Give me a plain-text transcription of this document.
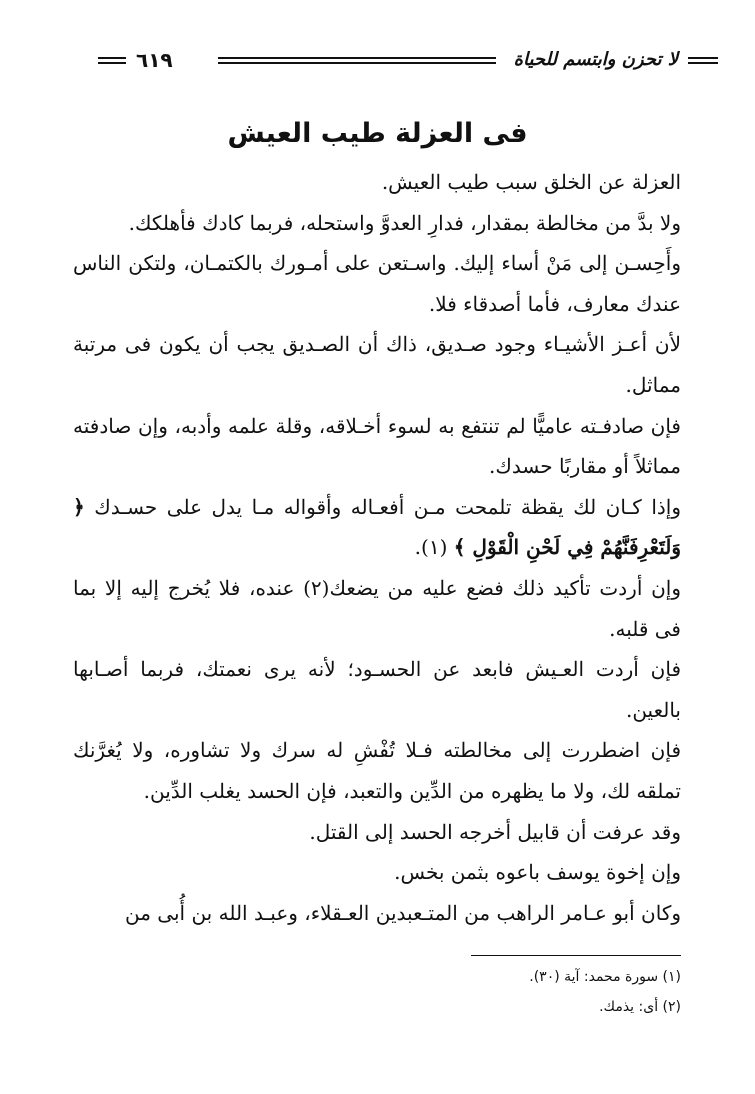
لا تحزن وابتسم للحياة
٦١٩
فى العزلة طيب العيش

العزلة عن الخلق سبب طيب العيش.

ولا بدَّ من مخالطة بمقدار، فدارِ العدوَّ واستحله، فربما كادك فأهلكك.

وأَحِسـن إلى مَنْ أساء إليك. واسـتعن على أمـورك بالكتمـان، ولتكن الناس عندك معارف، فأما أصدقاء فلا.

لأن أعـز الأشيـاء وجود صـديق، ذاك أن الصـديق يجب أن يكون فى مرتبة مماثل.

فإن صادفـته عاميًّا لم تنتفع به لسوء أخـلاقه، وقلة علمه وأدبه، وإن صادفته مماثلاً أو مقاربًا حسدك.

وإذا كـان لك يقظة تلمحت مـن أفعـاله وأقواله مـا يدل على حسـدك ﴿ وَلَتَعْرِفَنَّهُمْ فِي لَحْنِ الْقَوْلِ ﴾ (١).

وإن أردت تأكيد ذلك فضع عليه من يضعك(٢) عنده، فلا يُخرج إليه إلا بما فى قلبه.

فإن أردت العـيش فابعد عن الحسـود؛ لأنه يرى نعمتك، فربما أصـابها بالعين.

فإن اضطررت إلى مخالطته فـلا تُفْشِ له سرك ولا تشاوره، ولا يُغرَّنك تملقه لك، ولا ما يظهره من الدِّين والتعبد، فإن الحسد يغلب الدِّين.

وقد عرفت أن قابيل أخرجه الحسد إلى القتل.

وإن إخوة يوسف باعوه بثمن بخس.

وكان أبو عـامر الراهب من المتـعبدين العـقلاء، وعبـد الله بن أُبى من

(١) سورة محمد: آية (٣٠).

(٢) أى: يذمك.
